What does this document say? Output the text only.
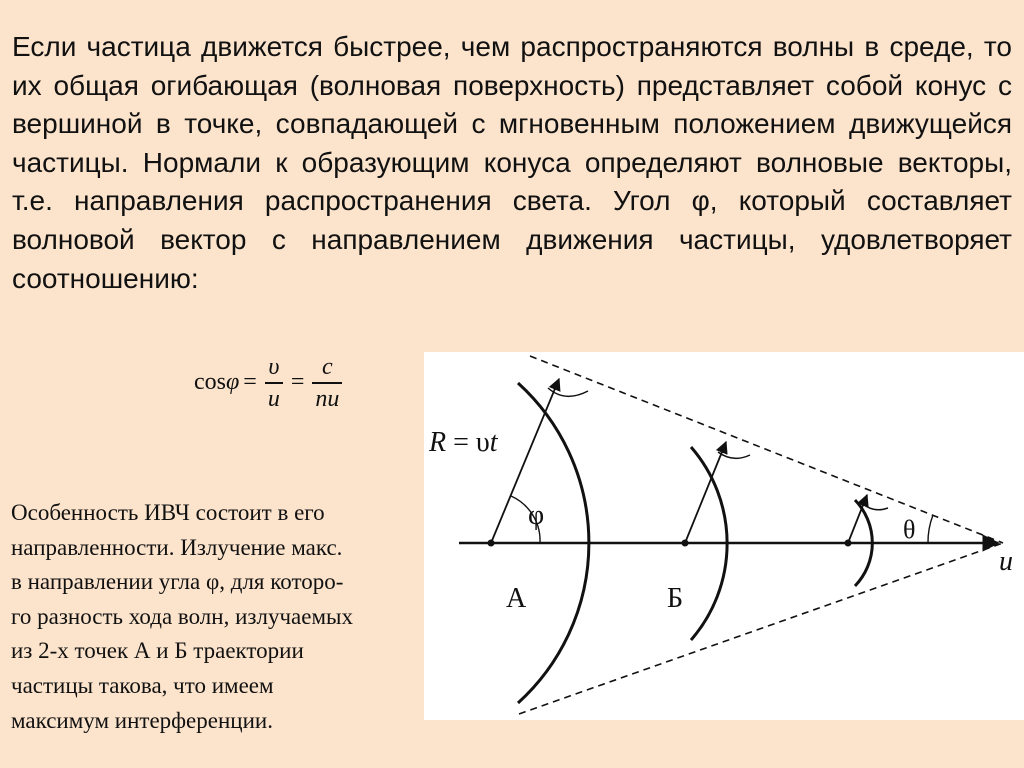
Если частица движется быстрее, чем распространяются волны в среде, то их общая огибающая (волновая поверхность) представляет собой конус с вершиной в точке, совпадающей с мгновенным положением движущейся частицы. Нормали к образующим конуса определяют волновые векторы, т.е. направления распространения света. Угол φ, который составляет волновой вектор с направлением движения частицы, удовлетворяет соотношению:

$\cos \varphi = \frac{\upsilon}{u} = \frac{c}{nu}$
Особенность ИВЧ состоит в его
направленности. Излучение макс.
в направлении угла φ, для которо-
го разность хода волн, излучаемых
из 2-х точек А и Б траектории
частицы такова, что имеем
максимум интерференции.
R = υt
φ	θ
А	Б
u
